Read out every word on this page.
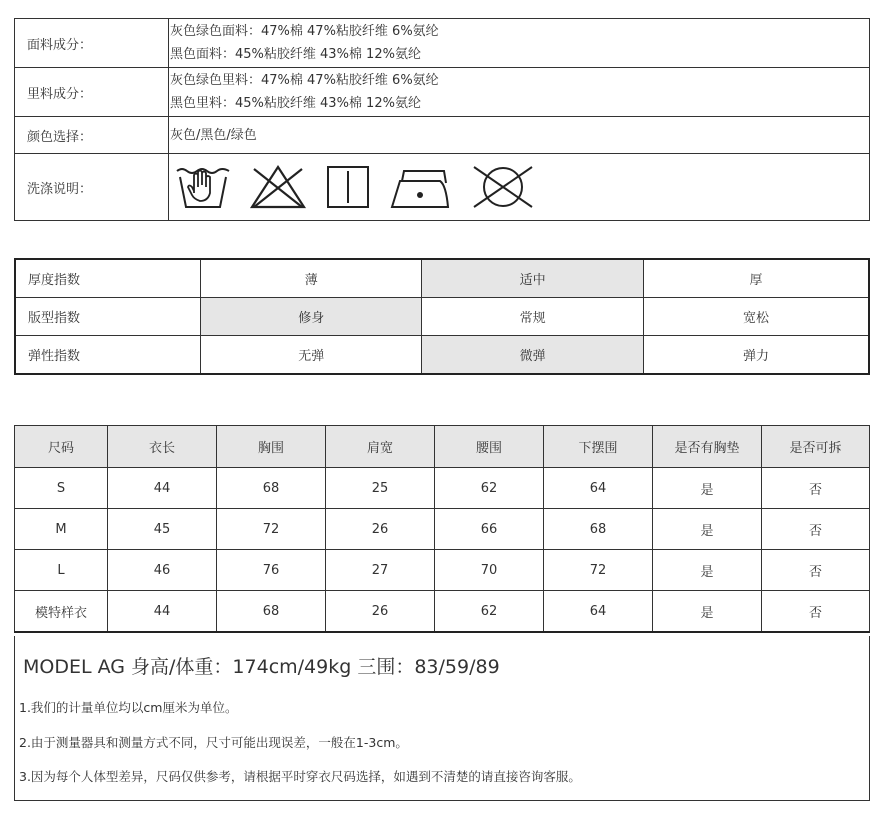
面料成分：	灰色绿色面料：47%棉 47%粘胶纤维 6%氨纶
黑色面料：45%粘胶纤维 43%棉 12%氨纶

里料成分：	灰色绿色里料：47%棉 47%粘胶纤维 6%氨纶
黑色里料：45%粘胶纤维 43%棉 12%氨纶

颜色选择：	灰色/黑色/绿色
洗涤说明：	
厚度指数	薄	适中	厚
版型指数	修身	常规	宽松
弹性指数	无弹	微弹	弹力
尺码	衣长	胸围	肩宽	腰围	下摆围	是否有胸垫	是否可拆
S	44	68	25	62	64	是	否
M	45	72	26	66	68	是	否
L	46	76	27	70	72	是	否
模特样衣	44	68	26	62	64	是	否
MODEL AG 身高/体重：174cm/49kg 三围：83/59/89
1.我们的计量单位均以cm厘米为单位。
2.由于测量器具和测量方式不同，尺寸可能出现误差，一般在1-3cm。
3.因为每个人体型差异，尺码仅供参考，请根据平时穿衣尺码选择，如遇到不清楚的请直接咨询客服。
